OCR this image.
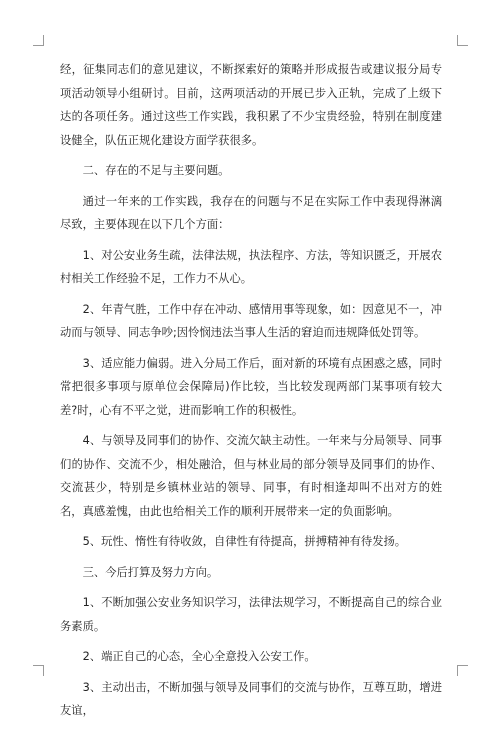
经，征集同志们的意见建议，不断探索好的策略并形成报告或建议报分局专项活动领导小组研讨。目前，这两项活动的开展已步入正轨，完成了上级下达的各项任务。通过这些工作实践，我积累了不少宝贵经验，特别在制度建设健全，队伍正规化建设方面学获很多。

二、存在的不足与主要问题。

通过一年来的工作实践，我存在的问题与不足在实际工作中表现得淋漓尽致，主要体现在以下几个方面：

1、对公安业务生疏，法律法规，执法程序、方法，等知识匮乏，开展农村相关工作经验不足，工作力不从心。

2、年青气胜，工作中存在冲动、感情用事等现象，如：因意见不一，冲动而与领导、同志争吵;因怜悯违法当事人生活的窘迫而违规降低处罚等。

3、适应能力偏弱。进入分局工作后，面对新的环境有点困惑之感，同时常把很多事项与原单位会保障局)作比较，当比较发现两部门某事项有较大差?时，心有不平之觉，进而影响工作的积极性。

4、与领导及同事们的协作、交流欠缺主动性。一年来与分局领导、同事们的协作、交流不少，相处融洽，但与林业局的部分领导及同事们的协作、交流甚少，特别是乡镇林业站的领导、同事，有时相逢却叫不出对方的姓名，真感羞愧，由此也给相关工作的顺利开展带来一定的负面影响。

5、玩性、惰性有待收敛，自律性有待提高，拼搏精神有待发扬。

三、今后打算及努力方向。

1、不断加强公安业务知识学习，法律法规学习，不断提高自己的综合业务素质。

2、端正自己的心态，全心全意投入公安工作。

3、主动出击，不断加强与领导及同事们的交流与协作，互尊互助，增进友谊，
